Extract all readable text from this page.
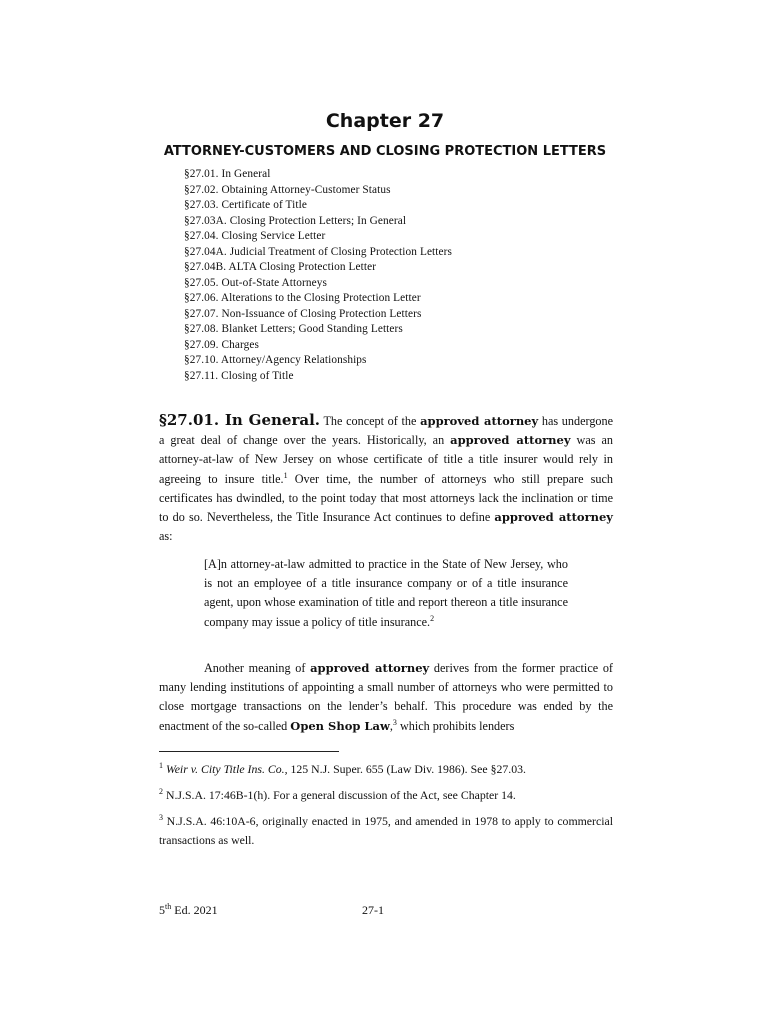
Chapter 27
ATTORNEY-CUSTOMERS AND CLOSING PROTECTION LETTERS
§27.01. In General
§27.02. Obtaining Attorney-Customer Status
§27.03. Certificate of Title
§27.03A. Closing Protection Letters; In General
§27.04. Closing Service Letter
§27.04A. Judicial Treatment of Closing Protection Letters
§27.04B. ALTA Closing Protection Letter
§27.05. Out-of-State Attorneys
§27.06. Alterations to the Closing Protection Letter
§27.07. Non-Issuance of Closing Protection Letters
§27.08. Blanket Letters; Good Standing Letters
§27.09. Charges
§27.10. Attorney/Agency Relationships
§27.11. Closing of Title
§27.01. In General. The concept of the approved attorney has undergone a great deal of change over the years. Historically, an approved attorney was an attorney-at-law of New Jersey on whose certificate of title a title insurer would rely in agreeing to insure title.$^1$ Over time, the number of attorneys who still prepare such certificates has dwindled, to the point today that most attorneys lack the inclination or time to do so. Nevertheless, the Title Insurance Act continues to define approved attorney as:
[A]n attorney-at-law admitted to practice in the State of New Jersey, who is not an employee of a title insurance company or of a title insurance agent, upon whose examination of title and report thereon a title insurance company may issue a policy of title insurance.$^2$
Another meaning of approved attorney derives from the former practice of many lending institutions of appointing a small number of attorneys who were permitted to close mortgage transactions on the lender’s behalf. This procedure was ended by the enactment of the so-called Open Shop Law,$^3$ which prohibits lenders
$^1$ Weir v. City Title Ins. Co., 125 N.J. Super. 655 (Law Div. 1986). See §27.03.
$^2$ N.J.S.A. 17:46B-1(h). For a general discussion of the Act, see Chapter 14.
$^3$ N.J.S.A. 46:10A-6, originally enacted in 1975, and amended in 1978 to apply to commercial transactions as well.
5th Ed. 2021	27-1
